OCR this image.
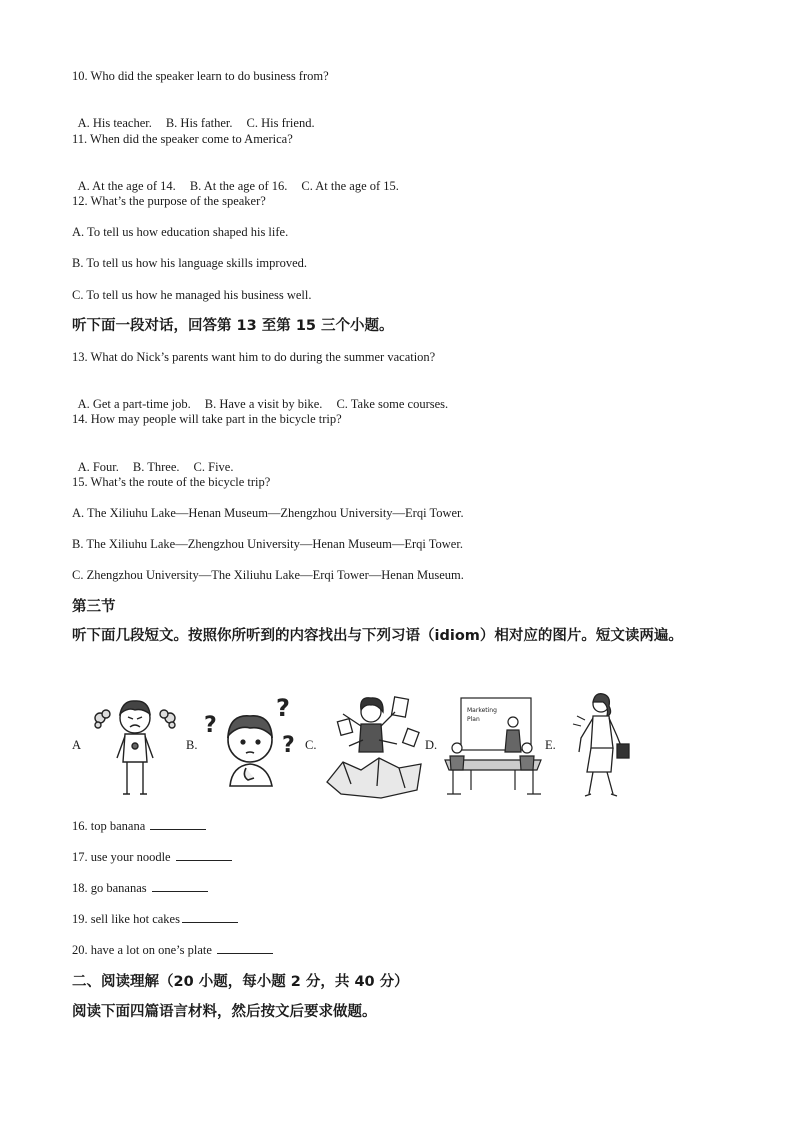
10. Who did the speaker learn to do business from?

A. His teacher. B. His father. C. His friend.

11. When did the speaker come to America?

A. At the age of 14. B. At the age of 16. C. At the age of 15.

12. What’s the purpose of the speaker?
A. To tell us how education shaped his life.
B. To tell us how his language skills improved.
C. To tell us how he managed his business well.
听下面一段对话，回答第 13 至第 15 三个小题。
13. What do Nick’s parents want him to do during the summer vacation?

A. Get a part-time job. B. Have a visit by bike. C. Take some courses.

14. How may people will take part in the bicycle trip?

A. Four. B. Three. C. Five.

15. What’s the route of the bicycle trip?
A. The Xiliuhu Lake—Henan Museum—Zhengzhou University—Erqi Tower.
B. The Xiliuhu Lake—Zhengzhou University—Henan Museum—Erqi Tower.
C. Zhengzhou University—The Xiliuhu Lake—Erqi Tower—Henan Museum.
第三节
听下面几段短文。按照你所听到的内容找出与下列习语（idiom）相对应的图片。短文读两遍。
A	B.
?
?
? C.	D.
Marketing
Plan
E.
16. top banana
17. use your noodle
18. go bananas
19. sell like hot cakes
20. have a lot on one’s plate
二、阅读理解（20 小题，每小题 2 分，共 40 分）
阅读下面四篇语言材料，然后按文后要求做题。
